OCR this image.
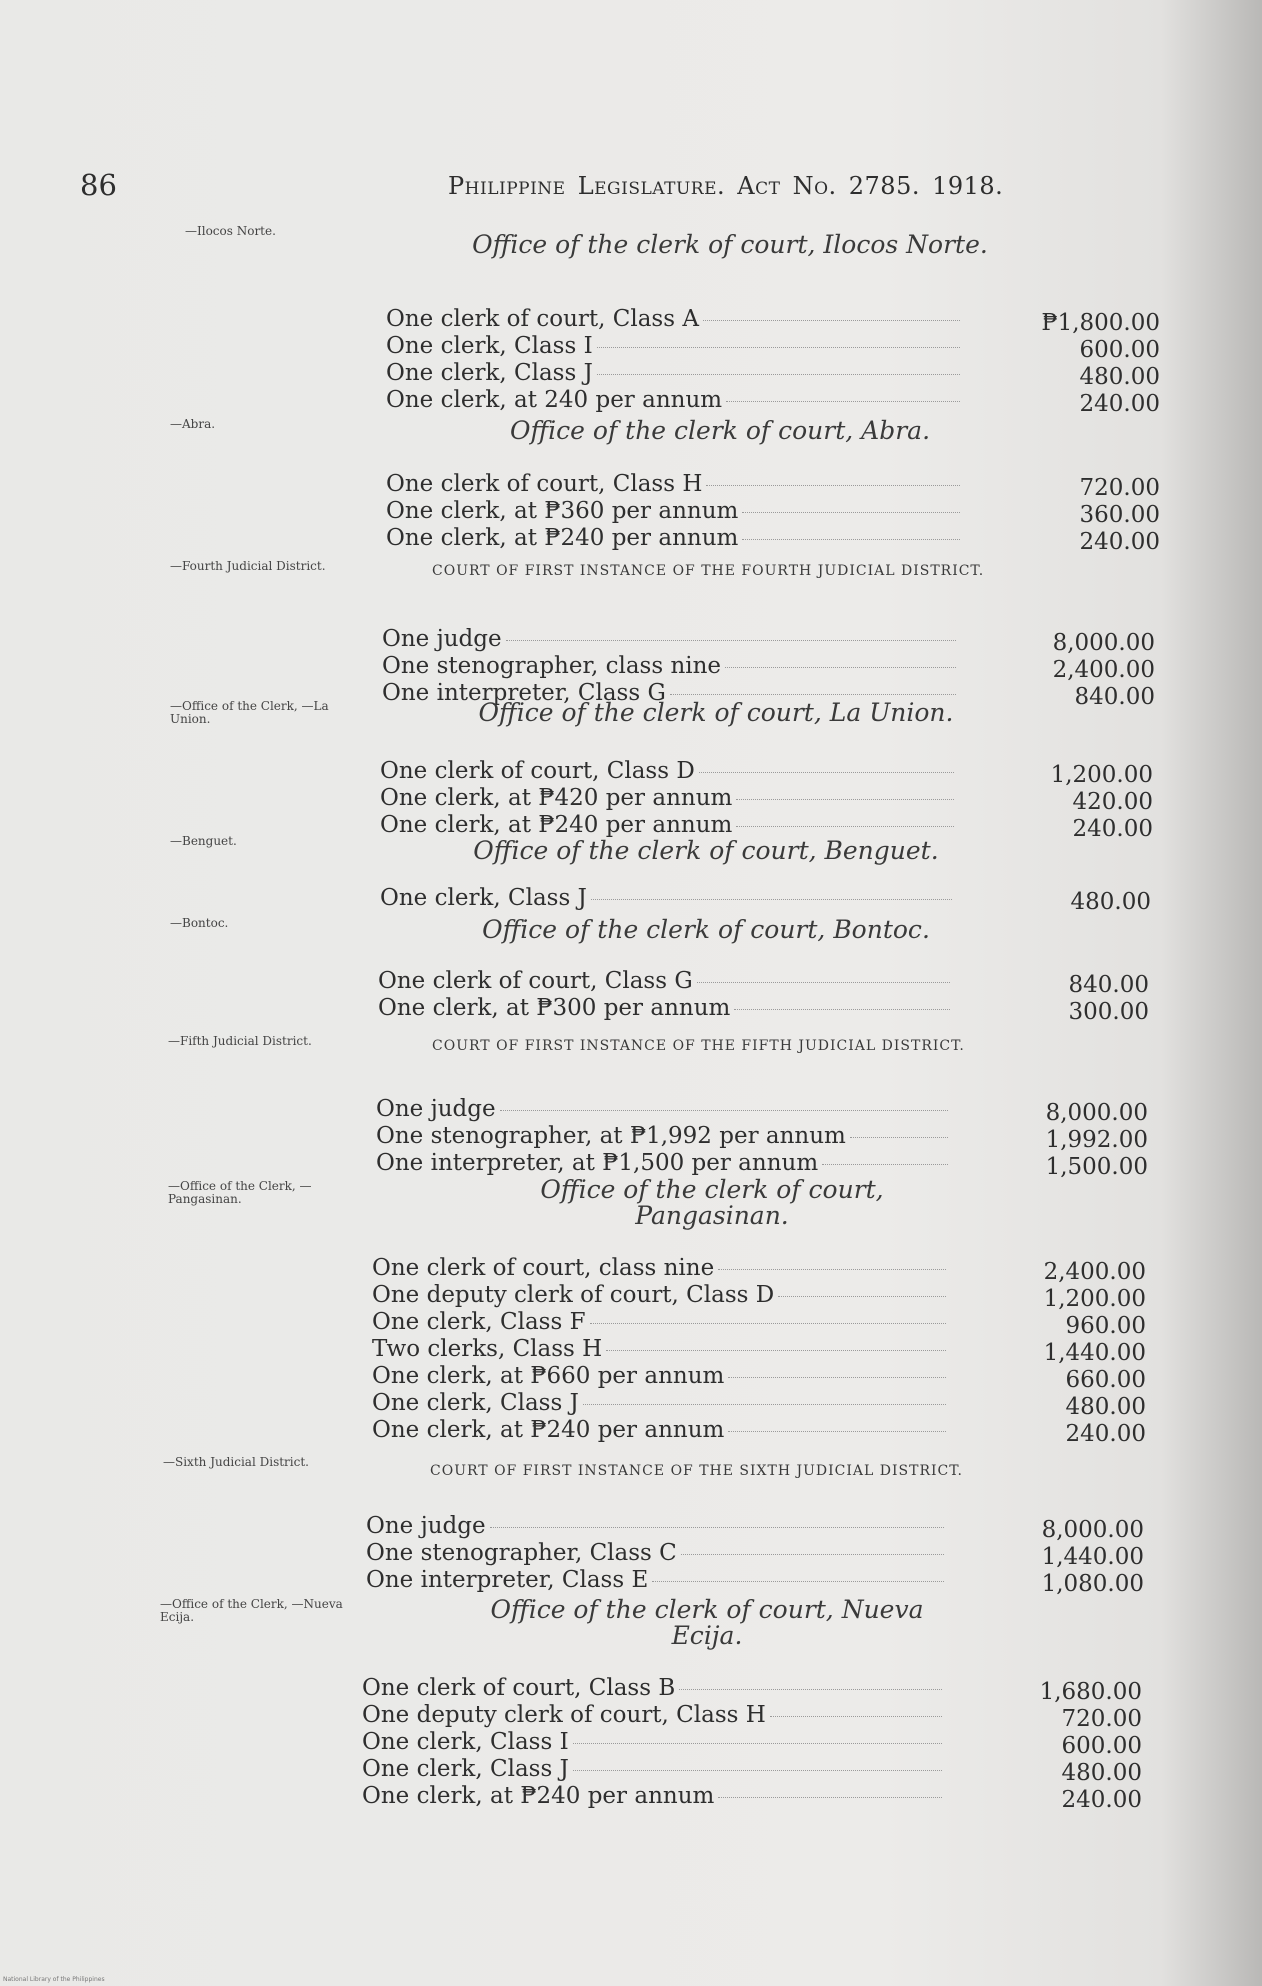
86	Philippine Legislature. Act No. 2785. 1918.
—Ilocos Norte.	Office of the clerk of court, Ilocos Norte.
One clerk of court, Class A	₱1,800.00
One clerk, Class I	600.00
One clerk, Class J	480.00
One clerk, at 240 per annum	240.00
—Abra.	Office of the clerk of court, Abra.
One clerk of court, Class H	720.00
One clerk, at ₱360 per annum	360.00
One clerk, at ₱240 per annum	240.00
—Fourth Judicial District.	COURT OF FIRST INSTANCE OF THE FOURTH JUDICIAL DISTRICT.
One judge	8,000.00
One stenographer, class nine	2,400.00
One interpreter, Class G	840.00
—Office of the Clerk, —La Union.	Office of the clerk of court, La Union.
One clerk of court, Class D	1,200.00
One clerk, at ₱420 per annum	420.00
One clerk, at ₱240 per annum	240.00
—Benguet.	Office of the clerk of court, Benguet.
One clerk, Class J	480.00
—Bontoc.	Office of the clerk of court, Bontoc.
One clerk of court, Class G	840.00
One clerk, at ₱300 per annum	300.00
—Fifth Judicial District.	COURT OF FIRST INSTANCE OF THE FIFTH JUDICIAL DISTRICT.
One judge	8,000.00
One stenographer, at ₱1,992 per annum	1,992.00
One interpreter, at ₱1,500 per annum	1,500.00
—Office of the Clerk, —Pangasinan.	Office of the clerk of court, Pangasinan.
One clerk of court, class nine	2,400.00
One deputy clerk of court, Class D	1,200.00
One clerk, Class F	960.00
Two clerks, Class H	1,440.00
One clerk, at ₱660 per annum	660.00
One clerk, Class J	480.00
One clerk, at ₱240 per annum	240.00
—Sixth Judicial District.
COURT OF FIRST INSTANCE OF THE SIXTH JUDICIAL DISTRICT.
One judge	8,000.00
One stenographer, Class C	1,440.00
One interpreter, Class E	1,080.00
—Office of the Clerk, —Nueva Ecija.	Office of the clerk of court, Nueva Ecija.
One clerk of court, Class B	1,680.00
One deputy clerk of court, Class H	720.00
One clerk, Class I	600.00
One clerk, Class J	480.00
One clerk, at ₱240 per annum	240.00
National Library of the Philippines
